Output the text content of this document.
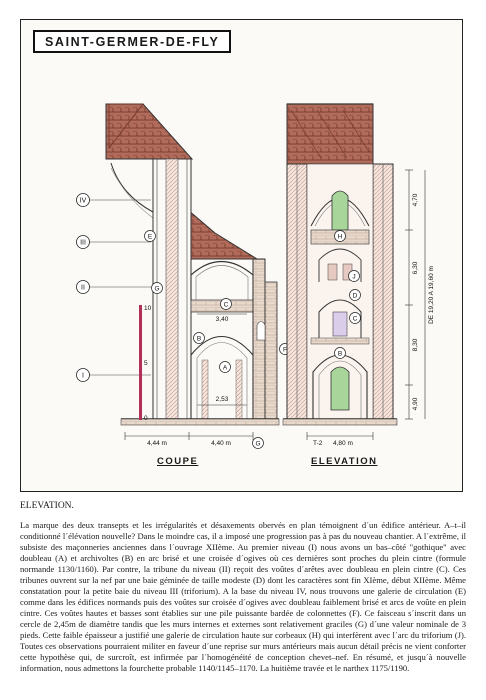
SAINT-GERMER-DE-FLY
IV
III
II
I
10
5
0
E
G
C
B
A
F
G
3,40
2,53
4,44 m	4,40 m
H
J
D
C
B
4,70
6,30
8,30
4,90
DE 19,20 A 19,60 m
T-2 4,80 m
COUPE	ELEVATION
ELEVATION.

La marque des deux transepts et les irrégularités et désaxements obervés en plan témoignent d´un édifice antérieur. A–t–il conditionné l´élévation nouvelle? Dans le moindre cas, il a imposé une progression pas à pas du nouveau chantier. A l´extrême, il subsiste des maçonneries anciennes dans l´ouvrage XIIème. Au premier niveau (I) nous avons un bas–côté "gothique" avec doubleau (A) et archivoltes (B) en arc brisé et une croisée d´ogives où ces dernières sont proches du plein cintre (formule normande 1130/1160). Par contre, la tribune du niveau (II) reçoit des voûtes d´arêtes avec doubleau en plein cintre (C). Ces tribunes ouvrent sur la nef par une baie géminée de taille modeste (D) dont les caractères sont fin XIème, début XIIème. Même constatation pour la petite baie du niveau III (triforium). A la base du niveau IV, nous trouvons une galerie de circulation (E) comme dans les édifices normands puis des voûtes sur croisée d´ogives avec doubleau faiblement brisé et arcs de voûte en plein cintre. Ces voûtes hautes et basses sont établies sur une pile puissante bardée de colonnettes (F). Ce faisceau s´inscrit dans un cercle de 2,45m de diamètre tandis que les murs internes et externes sont relativement graciles (G) d´une valeur nominale de 3 pieds. Cette faible épaisseur a justifié une galerie de circulation haute sur corbeaux (H) qui interfèrent avec l´arc du triforium (J). Toutes ces observations pourraient militer en faveur d´une reprise sur murs antérieurs mais aucun détail précis ne vient conforter cette hypothèse qui, de surcroît, est infirmée par l´homogénéité de conception chevet–nef. En résumé, et jusqu´à nouvelle information, nous admettons la fourchette probable 1140/1145–1170. La huitième travée et le narthex 1175/1190.
